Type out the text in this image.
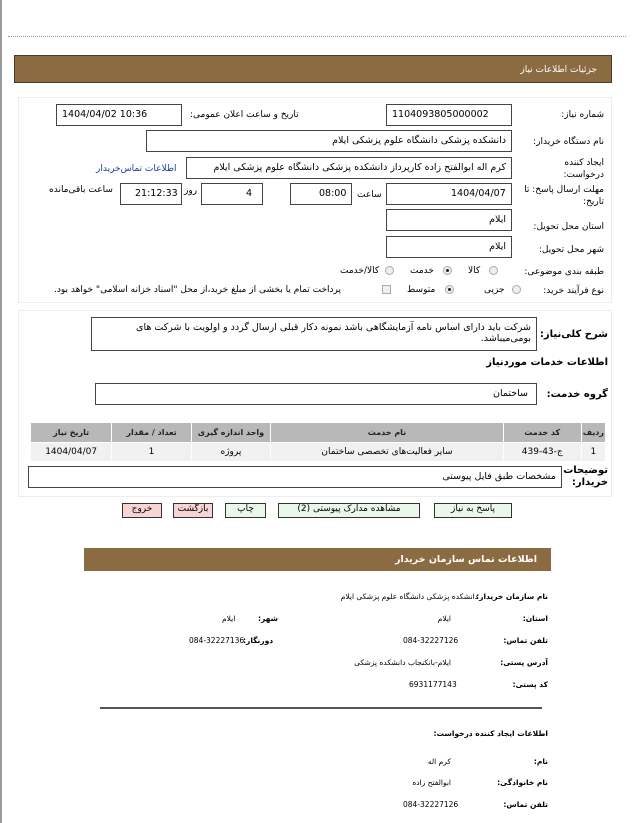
جزئیات اطلاعات نیاز
شماره نیاز:
1104093805000002
تاریخ و ساعت اعلان عمومی:
1404/04/02 10:36
نام دستگاه خریدار:
دانشکده پزشکی دانشگاه علوم پزشکی ایلام
ایجاد کننده درخواست:
کرم اله ابوالفتح زاده کارپرداز دانشکده پزشکی دانشگاه علوم پزشکی ایلام
اطلاعات تماس‌خریدار
مهلت ارسال پاسخ: تا تاریخ:
1404/04/07
ساعت
08:00
4
روز
21:12:33
ساعت باقی‌مانده
استان محل تحویل:
ایلام
شهر محل تحویل:
ایلام
طبقه بندی موضوعی:
کالا
خدمت
کالا/خدمت
نوع فرآیند خرید:
جزیی
متوسط
پرداخت تمام یا بخشی از مبلغ خرید،از محل "اسناد خزانه اسلامی" خواهد بود.
شرح کلی‌نیاز:
شرکت باید دارای اساس نامه آزمایشگاهی باشد نمونه دکار قبلی ارسال گردد و اولویت با شرکت های بومی‌میباشد.
اطلاعات خدمات موردنیاز
گروه خدمت:
ساختمان
ردیف	کد خدمت	نام خدمت	واحد اندازه گیری	تعداد / مقدار	تاریخ نیاز
1	ج-43-439	سایر فعالیت‌های تخصصی ساختمان	پروژه	1	1404/04/07
توضیحات خریدار:
مشخصات طبق فایل پیوستی
پاسخ به نیاز
مشاهده مدارک پیوستی (2)
چاپ
بازگشت
خروج
اطلاعات تماس سازمان خریدار
نام سازمان خریدار:
دانشکده پزشکی دانشگاه علوم پزشکی ایلام
استان:
ایلام
شهر:
ایلام
تلفن تماس:
084-32227126
دورنگار:
084-32227136
آدرس پستی:
ایلام-بانکنجاب دانشکده پزشکی
کد پستی:
6931177143
اطلاعات ایجاد کننده درخواست:
نام:
کرم اله
نام خانوادگی:
ابوالفتح زاده
تلفن تماس:
084-32227126
